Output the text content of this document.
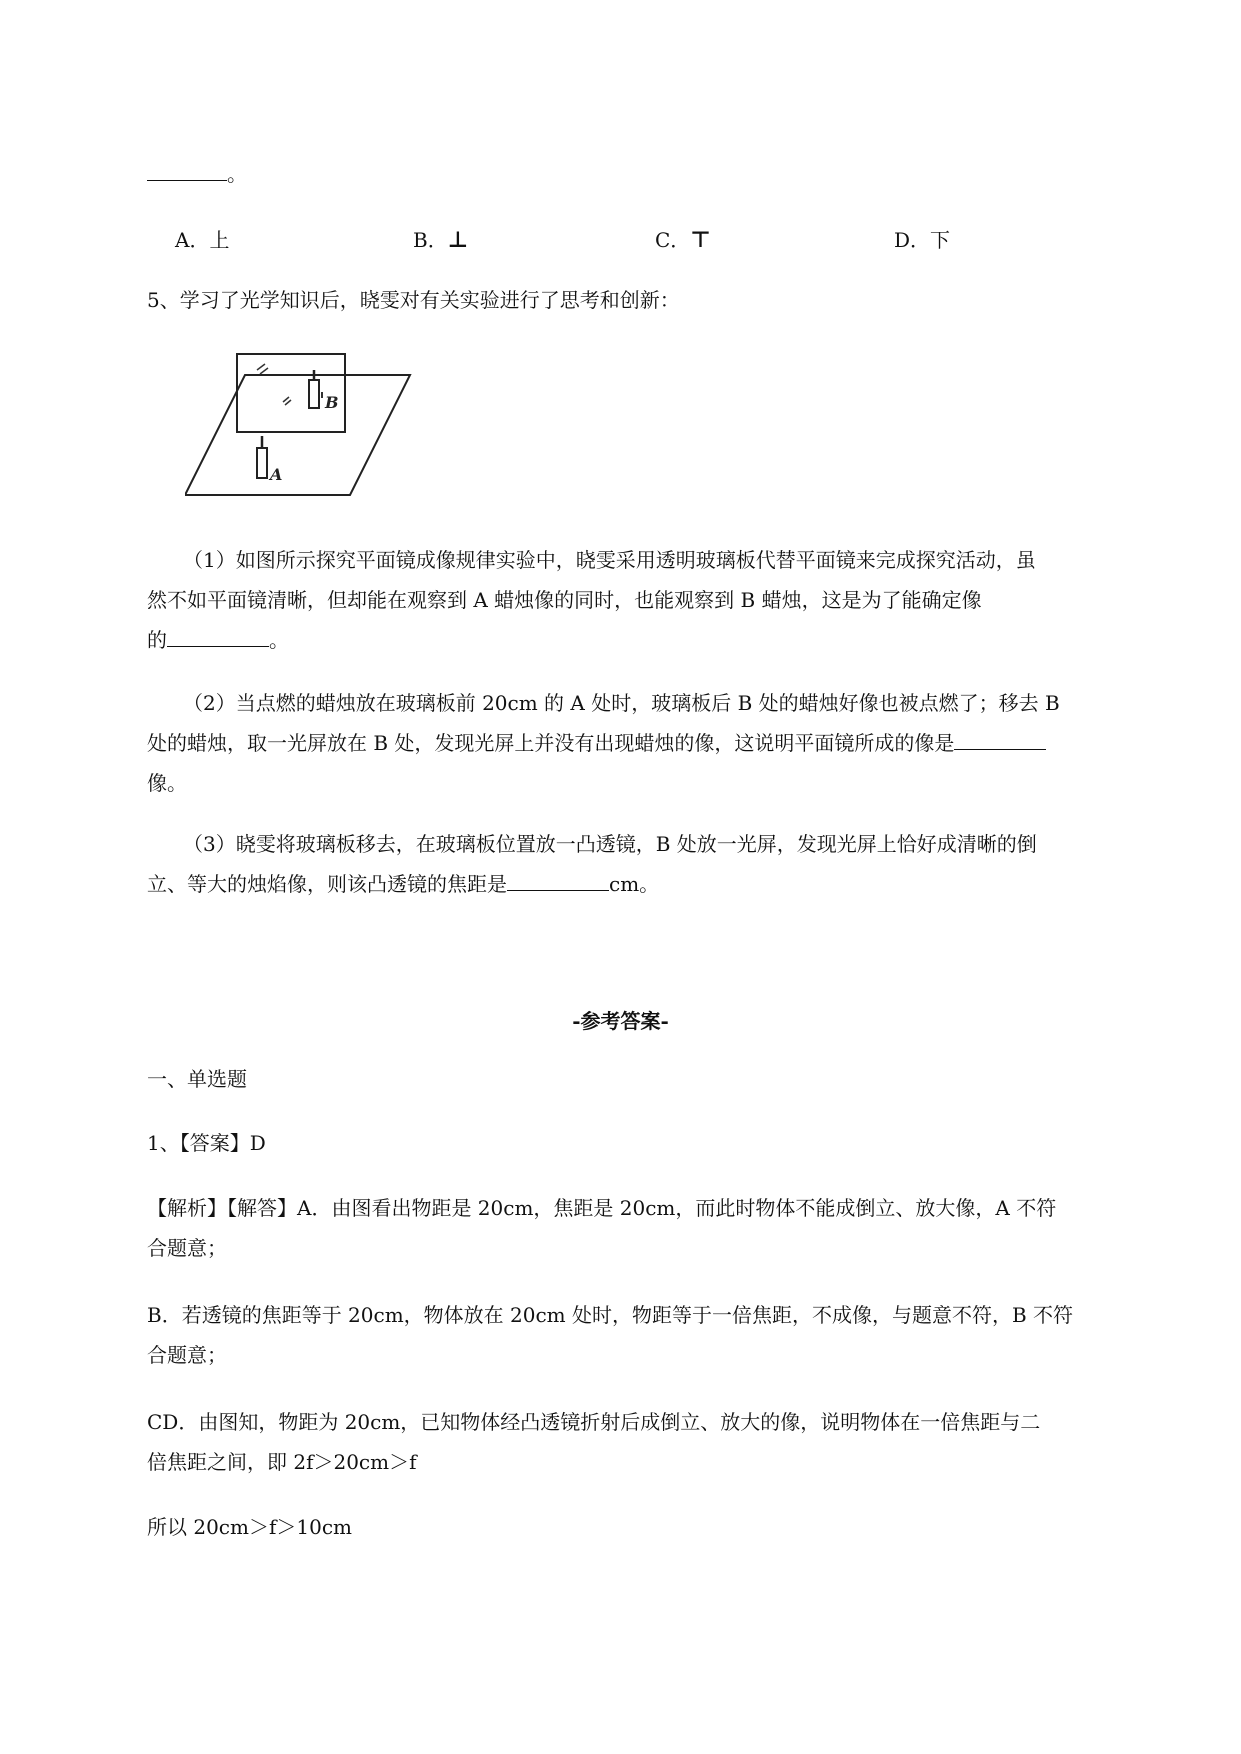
。
A．上	B．⊥	C．⊤	D．下
5、学习了光学知识后，晓雯对有关实验进行了思考和创新：
B
A
（1）如图所示探究平面镜成像规律实验中，晓雯采用透明玻璃板代替平面镜来完成探究活动，虽
然不如平面镜清晰，但却能在观察到 A 蜡烛像的同时，也能观察到 B 蜡烛，这是为了能确定像
的	。
（2）当点燃的蜡烛放在玻璃板前 20cm 的 A 处时，玻璃板后 B 处的蜡烛好像也被点燃了；移去 B
处的蜡烛，取一光屏放在 B 处，发现光屏上并没有出现蜡烛的像，这说明平面镜所成的像是
像。
（3）晓雯将玻璃板移去，在玻璃板位置放一凸透镜，B 处放一光屏，发现光屏上恰好成清晰的倒
立、等大的烛焰像，则该凸透镜的焦距是	cm。
-参考答案-
一、单选题
1、【答案】D
【解析】【解答】A．由图看出物距是 20cm，焦距是 20cm，而此时物体不能成倒立、放大像，A 不符
合题意；
B．若透镜的焦距等于 20cm，物体放在 20cm 处时，物距等于一倍焦距，不成像，与题意不符，B 不符
合题意；
CD．由图知，物距为 20cm，已知物体经凸透镜折射后成倒立、放大的像，说明物体在一倍焦距与二
倍焦距之间，即 2f＞20cm＞f
所以 20cm＞f＞10cm
